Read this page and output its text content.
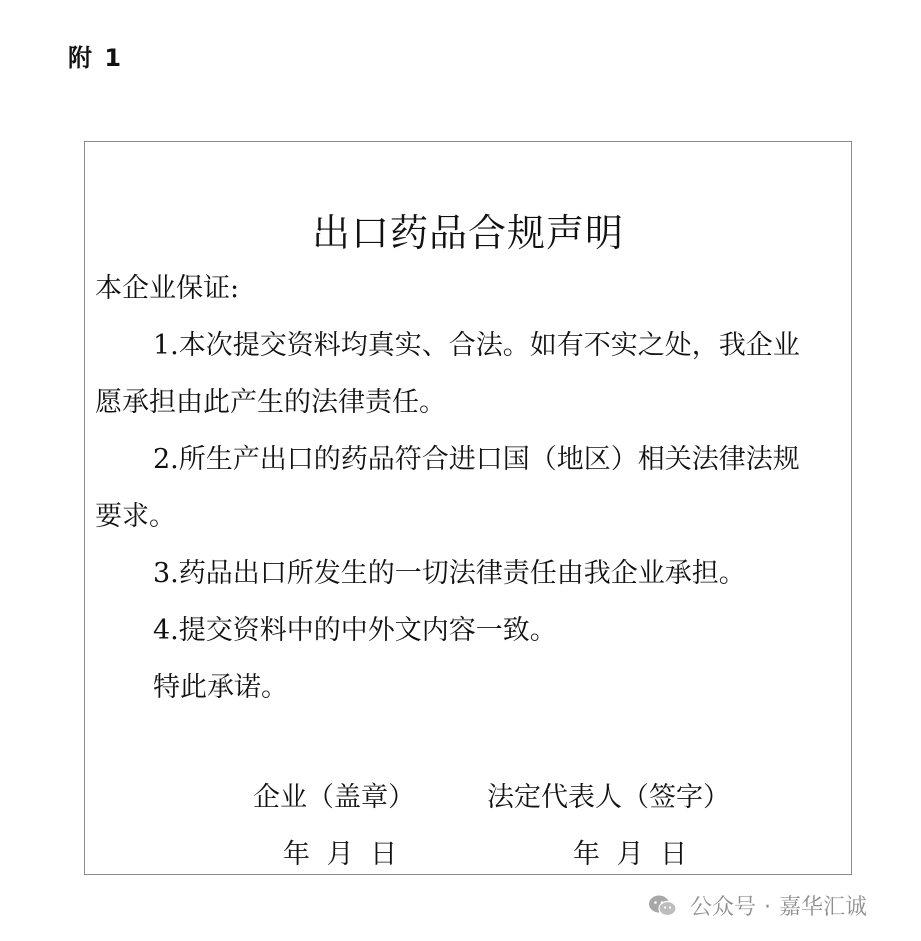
附 1
出口药品合规声明
本企业保证:
1.本次提交资料均真实、合法。如有不实之处，我企业
愿承担由此产生的法律责任。
2.所生产出口的药品符合进口国（地区）相关法律法规
要求。
3.药品出口所发生的一切法律责任由我企业承担。
4.提交资料中的中外文内容一致。
特此承诺。
企业（盖章）	法定代表人（签字）
年 月 日	年 月 日
公众号 · 嘉华汇诚
